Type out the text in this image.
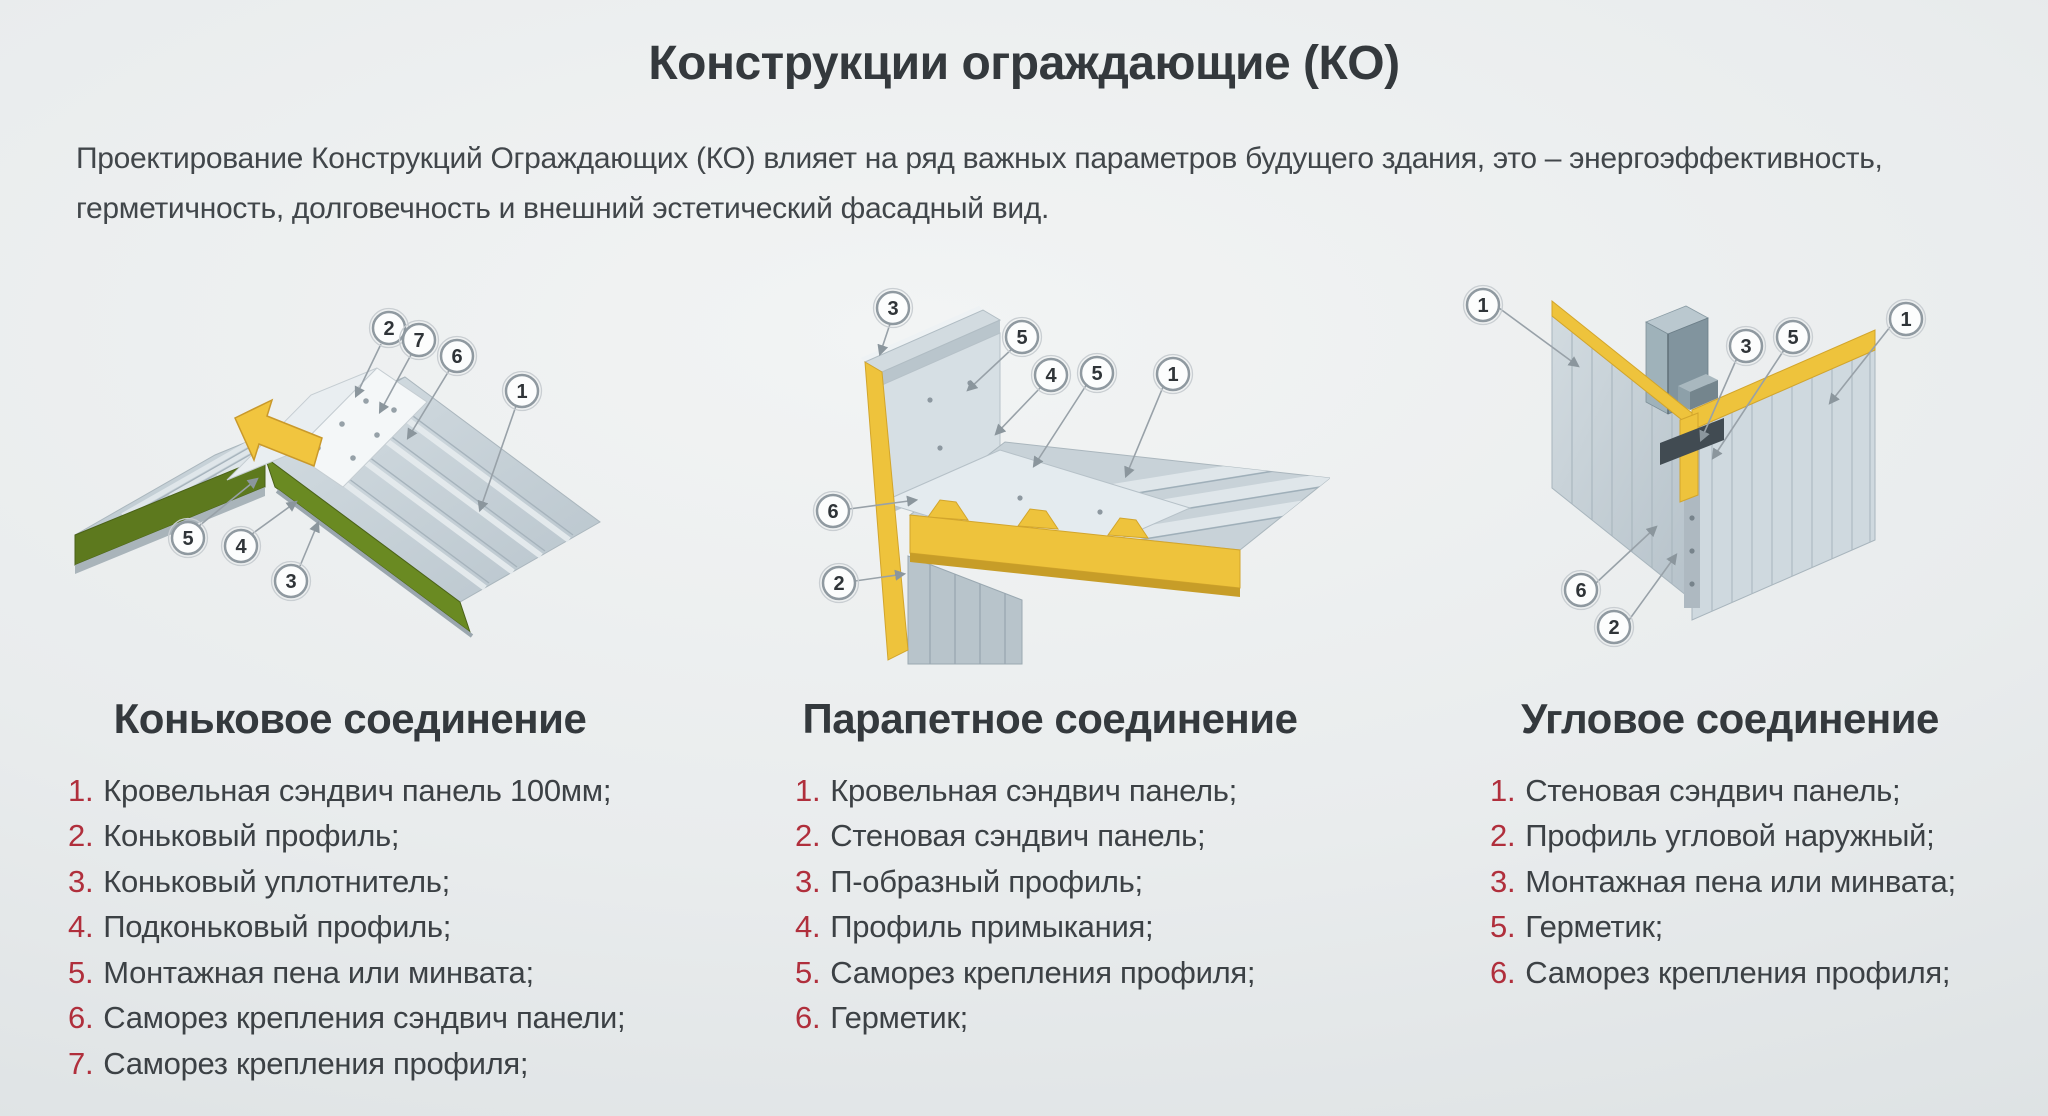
Конструкции ограждающие (КО)
Проектирование Конструкций Ограждающих (КО) влияет на ряд важных параметров будущего здания, это – энергоэффективность, герметичность, долговечность и внешний эстетический фасадный вид.
2
7
6
1
5 4
3
3
5
4 5	1
6
2
1
3 5
1
6
2
Коньковое соединение	Парапетное соединение	Угловое соединение
1. Кровельная сэндвич панель 100мм;
2. Коньковый профиль;
3. Коньковый уплотнитель;
4. Подконьковый профиль;
5. Монтажная пена или минвата;
6. Саморез крепления сэндвич панели;
7. Саморез крепления профиля;
1. Кровельная сэндвич панель;
2. Стеновая сэндвич панель;
3. П-образный профиль;
4. Профиль примыкания;
5. Саморез крепления профиля;
6. Герметик;
1. Стеновая сэндвич панель;
2. Профиль угловой наружный;
3. Монтажная пена или минвата;
5. Герметик;
6. Саморез крепления профиля;
